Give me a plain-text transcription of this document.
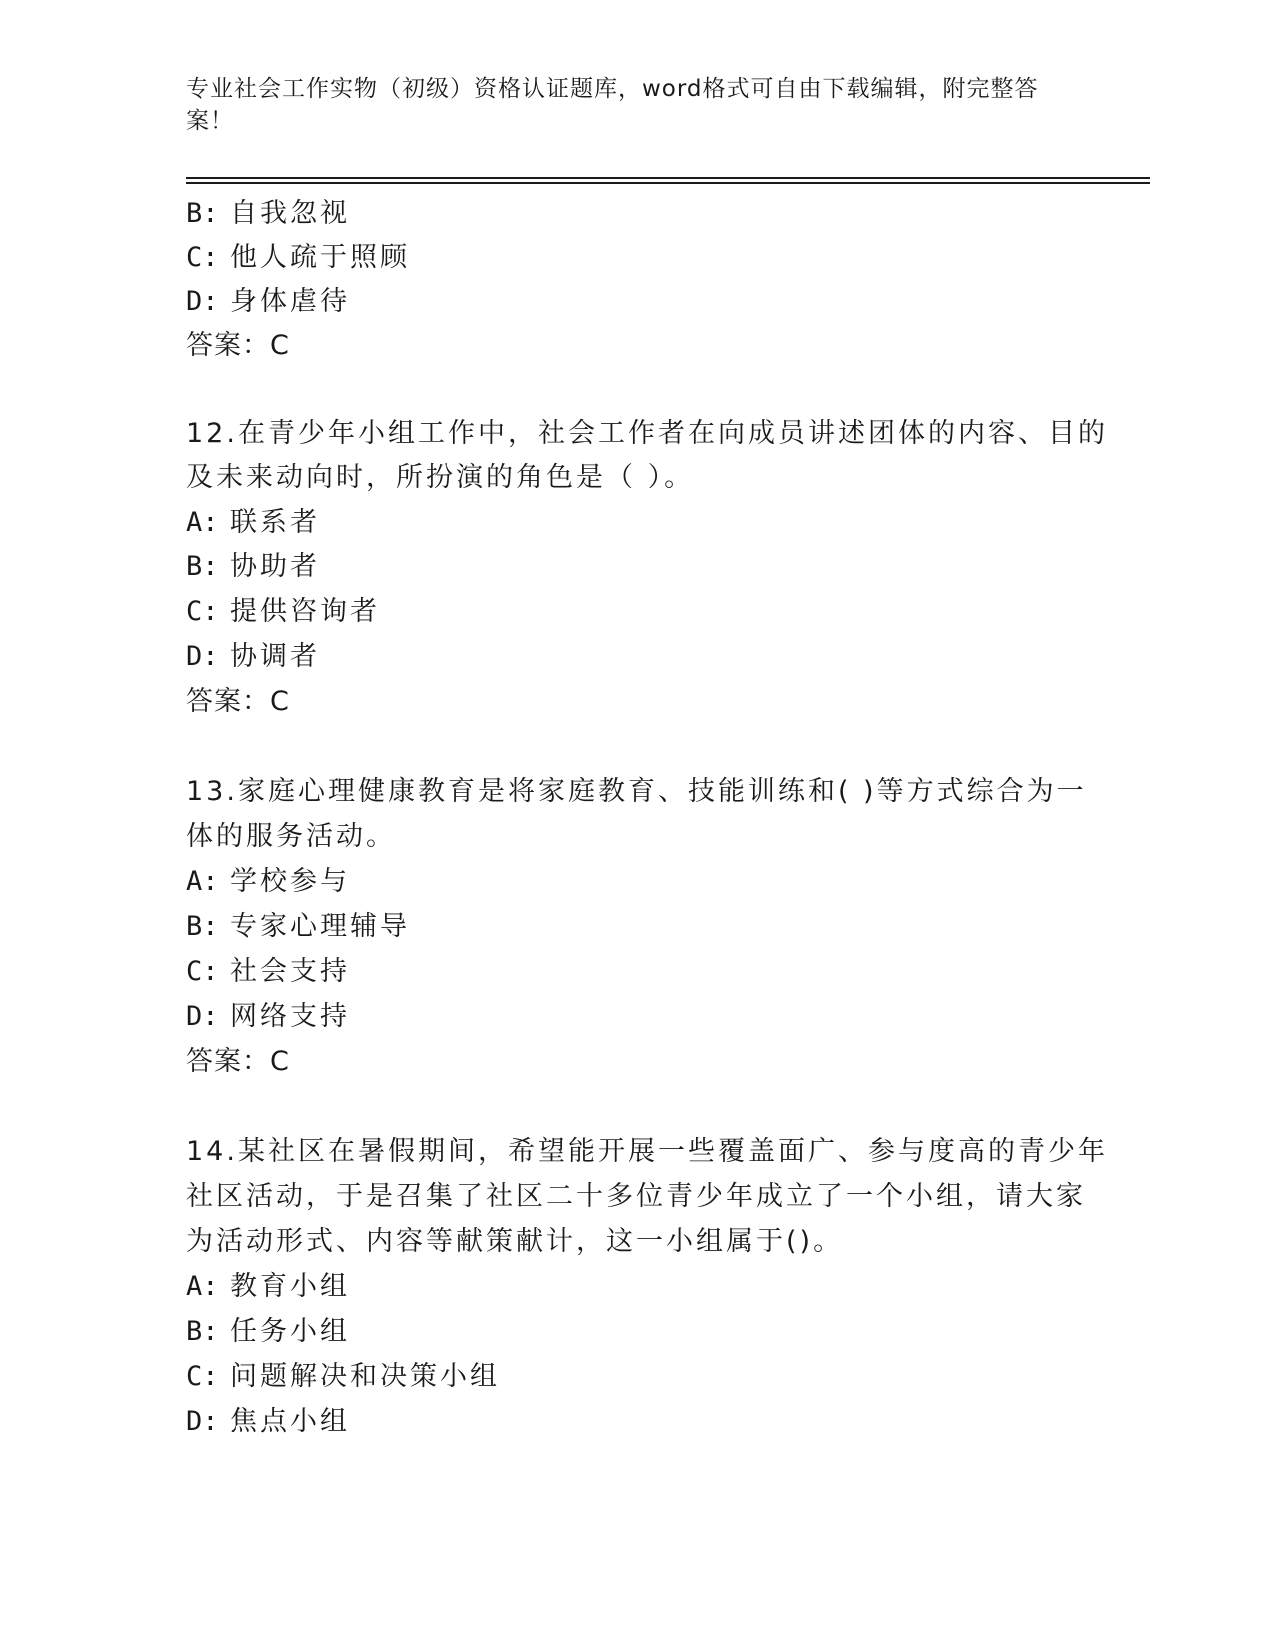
专业社会工作实物（初级）资格认证题库，word格式可自由下载编辑，附完整答
案！
B: 自我忽视
C: 他人疏于照顾
D: 身体虐待
答案：C
12.在青少年小组工作中，社会工作者在向成员讲述团体的内容、目的
及未来动向时，所扮演的角色是（ ）。
A: 联系者
B: 协助者
C: 提供咨询者
D: 协调者
答案：C
13.家庭心理健康教育是将家庭教育、技能训练和( )等方式综合为一
体的服务活动。
A: 学校参与
B: 专家心理辅导
C: 社会支持
D: 网络支持
答案：C
14.某社区在暑假期间，希望能开展一些覆盖面广、参与度高的青少年
社区活动，于是召集了社区二十多位青少年成立了一个小组，请大家
为活动形式、内容等献策献计，这一小组属于()。
A: 教育小组
B: 任务小组
C: 问题解决和决策小组
D: 焦点小组
